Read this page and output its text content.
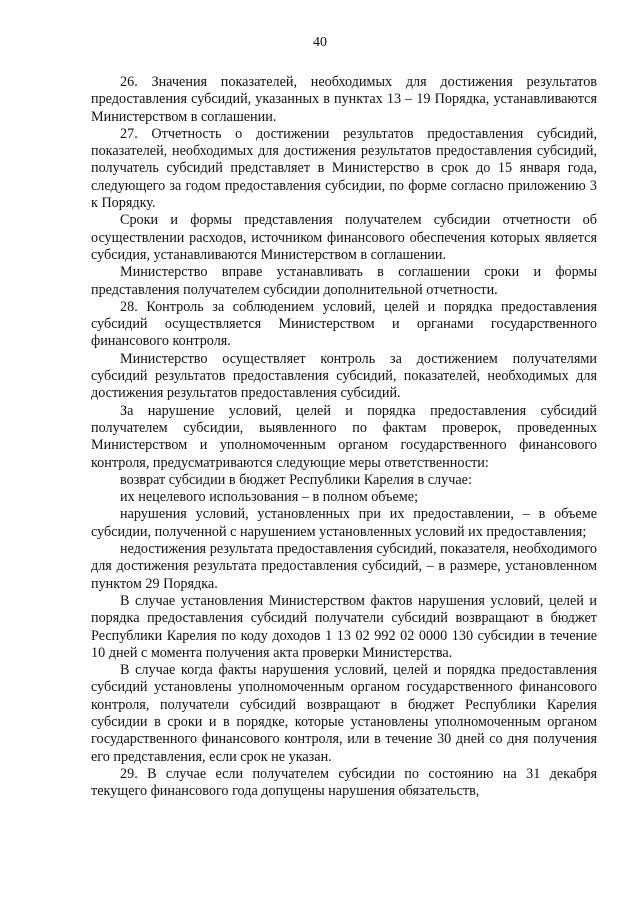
40

26. Значения показателей, необходимых для достижения результатов предоставления субсидий, указанных в пунктах 13 – 19 Порядка, устанавливаются Министерством в соглашении.

27. Отчетность о достижении результатов предоставления субсидий, показателей, необходимых для достижения результатов предоставления субсидий, получатель субсидий представляет в Министерство в срок до 15 января года, следующего за годом предоставления субсидии, по форме согласно приложению 3 к Порядку.

Сроки и формы представления получателем субсидии отчетности об осуществлении расходов, источником финансового обеспечения которых является субсидия, устанавливаются Министерством в соглашении.

Министерство вправе устанавливать в соглашении сроки и формы представления получателем субсидии дополнительной отчетности.

28. Контроль за соблюдением условий, целей и порядка предоставления субсидий осуществляется Министерством и органами государственного финансового контроля.

Министерство осуществляет контроль за достижением получателями субсидий результатов предоставления субсидий, показателей, необходимых для достижения результатов предоставления субсидий.

За нарушение условий, целей и порядка предоставления субсидий получателем субсидии, выявленного по фактам проверок, проведенных Министерством и уполномоченным органом государственного финансового контроля, предусматриваются следующие меры ответственности:

возврат субсидии в бюджет Республики Карелия в случае:

их нецелевого использования – в полном объеме;

нарушения условий, установленных при их предоставлении, – в объеме субсидии, полученной с нарушением установленных условий их предоставления;

недостижения результата предоставления субсидий, показателя, необходимого для достижения результата предоставления субсидий, – в размере, установленном пунктом 29 Порядка.

В случае установления Министерством фактов нарушения условий, целей и порядка предоставления субсидий получатели субсидий возвращают в бюджет Республики Карелия по коду доходов 1 13 02 992 02 0000 130 субсидии в течение 10 дней с момента получения акта проверки Министерства.

В случае когда факты нарушения условий, целей и порядка предоставления субсидий установлены уполномоченным органом государственного финансового контроля, получатели субсидий возвращают в бюджет Республики Карелия субсидии в сроки и в порядке, которые установлены уполномоченным органом государственного финансового контроля, или в течение 30 дней со дня получения его представления, если срок не указан.

29. В случае если получателем субсидии по состоянию на 31 декабря текущего финансового года допущены нарушения обязательств,
